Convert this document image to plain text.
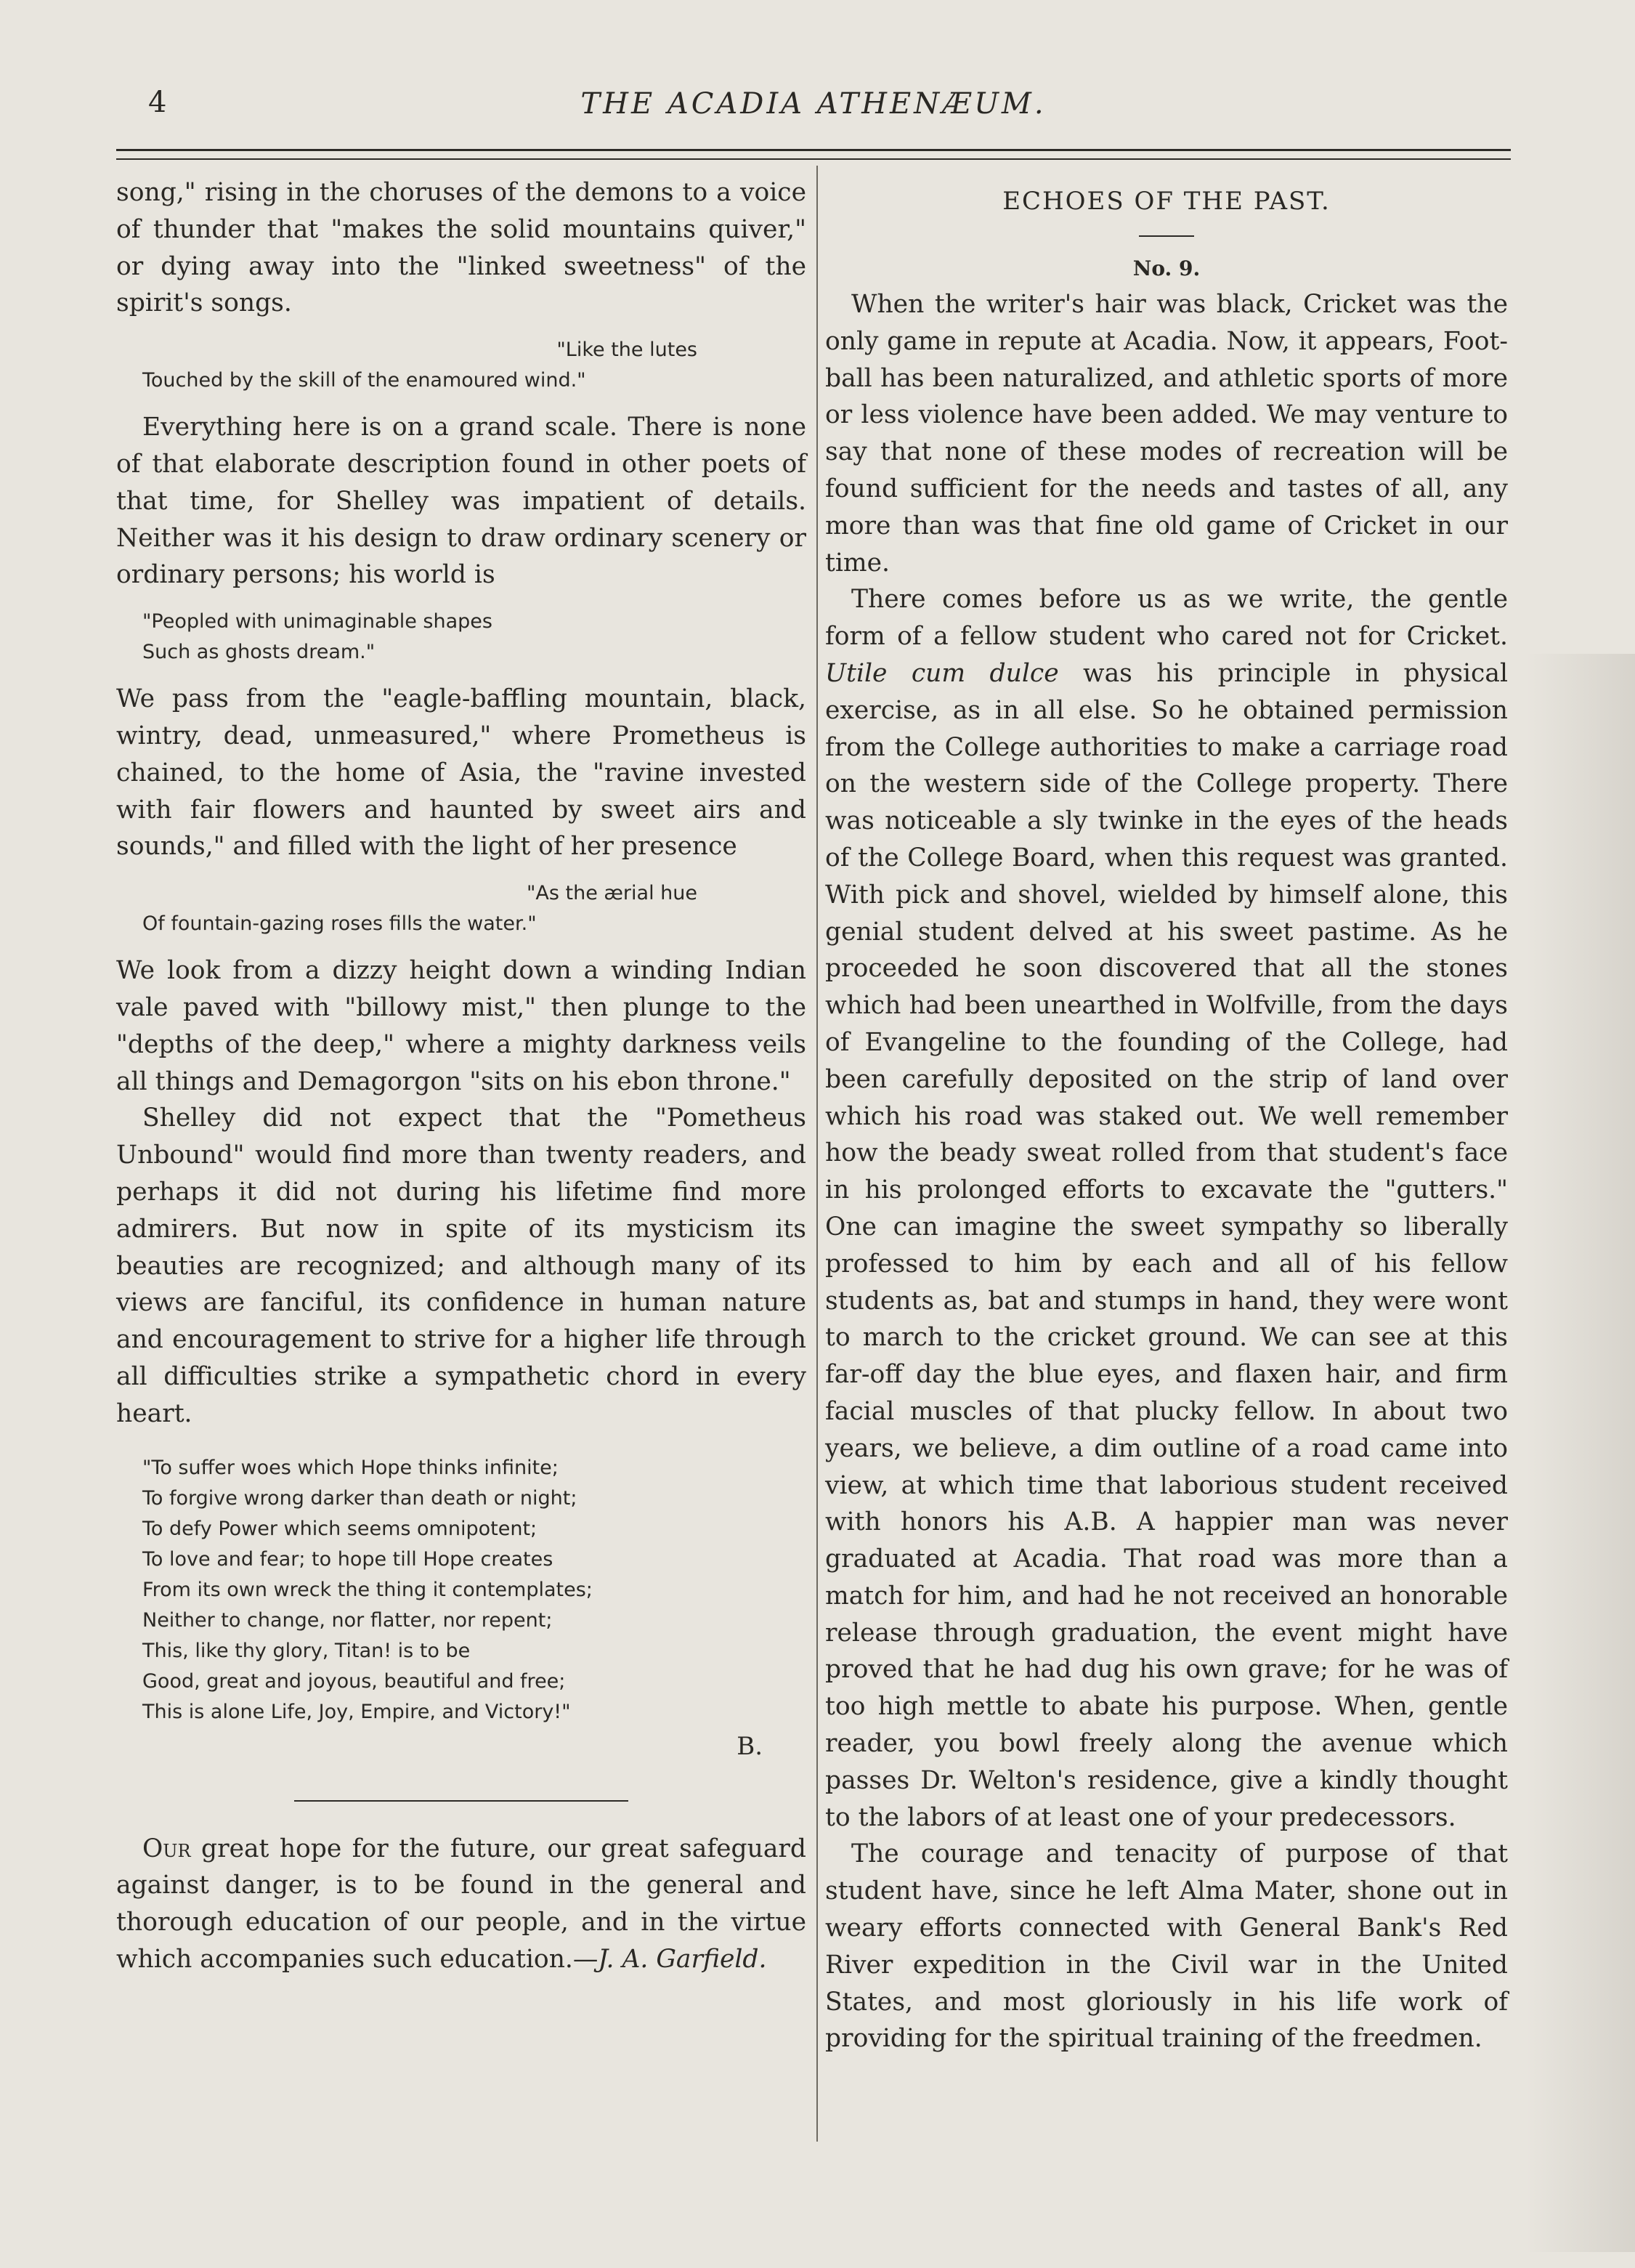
4	THE ACADIA ATHENÆUM.

song," rising in the choruses of the demons to a voice of thunder that "makes the solid mountains quiver," or dying away into the "linked sweetness" of the spirit's songs.

"Like the lutes

Touched by the skill of the enamoured wind."

Everything here is on a grand scale. There is none of that elaborate description found in other poets of that time, for Shelley was impatient of details. Neither was it his design to draw ordinary scenery or ordinary persons; his world is

"Peopled with unimaginable shapes

Such as ghosts dream."

We pass from the "eagle-baffling mountain, black, wintry, dead, unmeasured," where Prometheus is chained, to the home of Asia, the "ravine invested with fair flowers and haunted by sweet airs and sounds," and filled with the light of her presence

"As the ærial hue

Of fountain-gazing roses fills the water."

We look from a dizzy height down a winding Indian vale paved with "billowy mist," then plunge to the "depths of the deep," where a mighty darkness veils all things and Demagorgon "sits on his ebon throne."

Shelley did not expect that the "Pometheus Unbound" would find more than twenty readers, and perhaps it did not during his lifetime find more admirers. But now in spite of its mysticism its beauties are recognized; and although many of its views are fanciful, its confidence in human nature and encouragement to strive for a higher life through all difficulties strike a sympathetic chord in every heart.

"To suffer woes which Hope thinks infinite;

To forgive wrong darker than death or night;

To defy Power which seems omnipotent;

To love and fear; to hope till Hope creates

From its own wreck the thing it contemplates;

Neither to change, nor flatter, nor repent;

This, like thy glory, Titan! is to be

Good, great and joyous, beautiful and free;

This is alone Life, Joy, Empire, and Victory!"

B.

Our great hope for the future, our great safeguard against danger, is to be found in the general and thorough education of our people, and in the virtue which accompanies such education.—J. A. Garfield.

ECHOES OF THE PAST.

No. 9.

When the writer's hair was black, Cricket was the only game in repute at Acadia. Now, it appears, Foot-ball has been naturalized, and athletic sports of more or less violence have been added. We may venture to say that none of these modes of recreation will be found sufficient for the needs and tastes of all, any more than was that fine old game of Cricket in our time.

There comes before us as we write, the gentle form of a fellow student who cared not for Cricket. Utile cum dulce was his principle in physical exercise, as in all else. So he obtained permission from the College authorities to make a carriage road on the western side of the College property. There was noticeable a sly twinke in the eyes of the heads of the College Board, when this request was granted. With pick and shovel, wielded by himself alone, this genial student delved at his sweet pastime. As he proceeded he soon discovered that all the stones which had been unearthed in Wolfville, from the days of Evangeline to the founding of the College, had been carefully deposited on the strip of land over which his road was staked out. We well remember how the beady sweat rolled from that student's face in his prolonged efforts to excavate the "gutters." One can imagine the sweet sympathy so liberally professed to him by each and all of his fellow students as, bat and stumps in hand, they were wont to march to the cricket ground. We can see at this far-off day the blue eyes, and flaxen hair, and firm facial muscles of that plucky fellow. In about two years, we believe, a dim outline of a road came into view, at which time that laborious student received with honors his A.B. A happier man was never graduated at Acadia. That road was more than a match for him, and had he not received an honorable release through graduation, the event might have proved that he had dug his own grave; for he was of too high mettle to abate his purpose. When, gentle reader, you bowl freely along the avenue which passes Dr. Welton's residence, give a kindly thought to the labors of at least one of your predecessors.

The courage and tenacity of purpose of that student have, since he left Alma Mater, shone out in weary efforts connected with General Bank's Red River expedition in the Civil war in the United States, and most gloriously in his life work of providing for the spiritual training of the freedmen.
